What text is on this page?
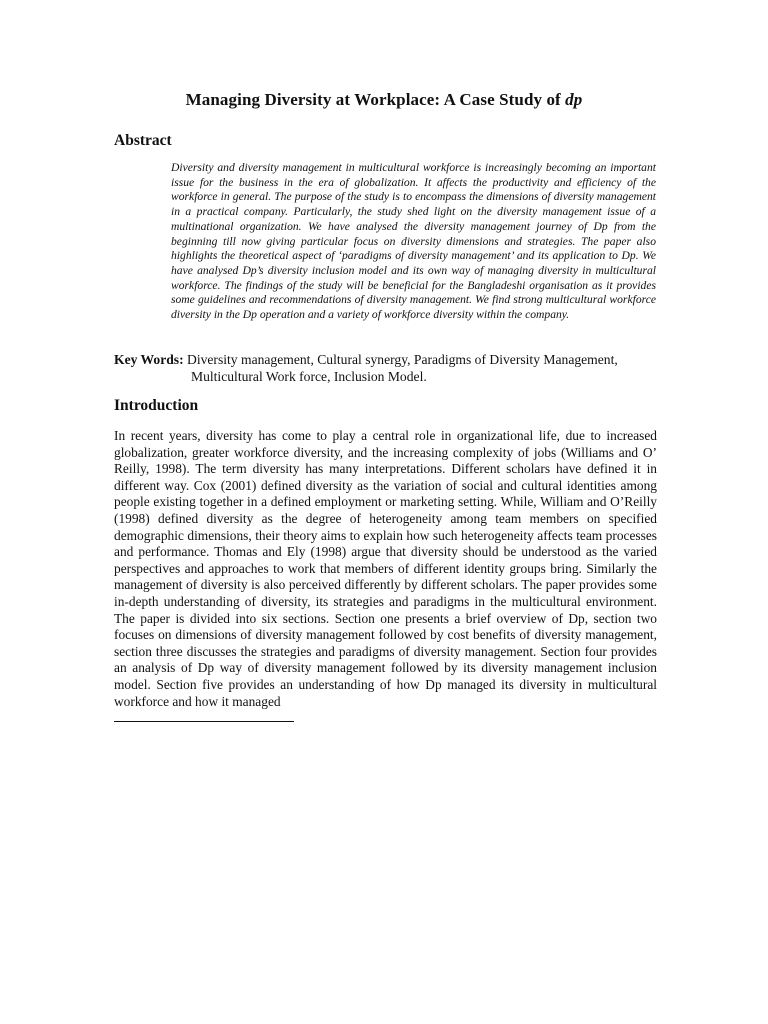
Managing Diversity at Workplace: A Case Study of dp
Abstract
Diversity and diversity management in multicultural workforce is increasingly becoming an important issue for the business in the era of globalization. It affects the productivity and efficiency of the workforce in general. The purpose of the study is to encompass the dimensions of diversity management in a practical company. Particularly, the study shed light on the diversity management issue of a multinational organization. We have analysed the diversity management journey of Dp from the beginning till now giving particular focus on diversity dimensions and strategies. The paper also highlights the theoretical aspect of ‘paradigms of diversity management’ and its application to Dp. We have analysed Dp’s diversity inclusion model and its own way of managing diversity in multicultural workforce. The findings of the study will be beneficial for the Bangladeshi organisation as it provides some guidelines and recommendations of diversity management. We find strong multicultural workforce diversity in the Dp operation and a variety of workforce diversity within the company.
Key Words: Diversity management, Cultural synergy, Paradigms of Diversity Management,
Multicultural Work force, Inclusion Model.
Introduction
In recent years, diversity has come to play a central role in organizational life, due to increased globalization, greater workforce diversity, and the increasing complexity of jobs (Williams and O’ Reilly, 1998). The term diversity has many interpretations. Different scholars have defined it in different way. Cox (2001) defined diversity as the variation of social and cultural identities among people existing together in a defined employment or marketing setting. While, William and O’Reilly (1998) defined diversity as the degree of heterogeneity among team members on specified demographic dimensions, their theory aims to explain how such heterogeneity affects team processes and performance. Thomas and Ely (1998) argue that diversity should be understood as the varied perspectives and approaches to work that members of different identity groups bring. Similarly the management of diversity is also perceived differently by different scholars. The paper provides some in-depth understanding of diversity, its strategies and paradigms in the multicultural environment. The paper is divided into six sections. Section one presents a brief overview of Dp, section two focuses on dimensions of diversity management followed by cost benefits of diversity management, section three discusses the strategies and paradigms of diversity management. Section four provides an analysis of Dp way of diversity management followed by its diversity management inclusion model. Section five provides an understanding of how Dp managed its diversity in multicultural workforce and how it managed
